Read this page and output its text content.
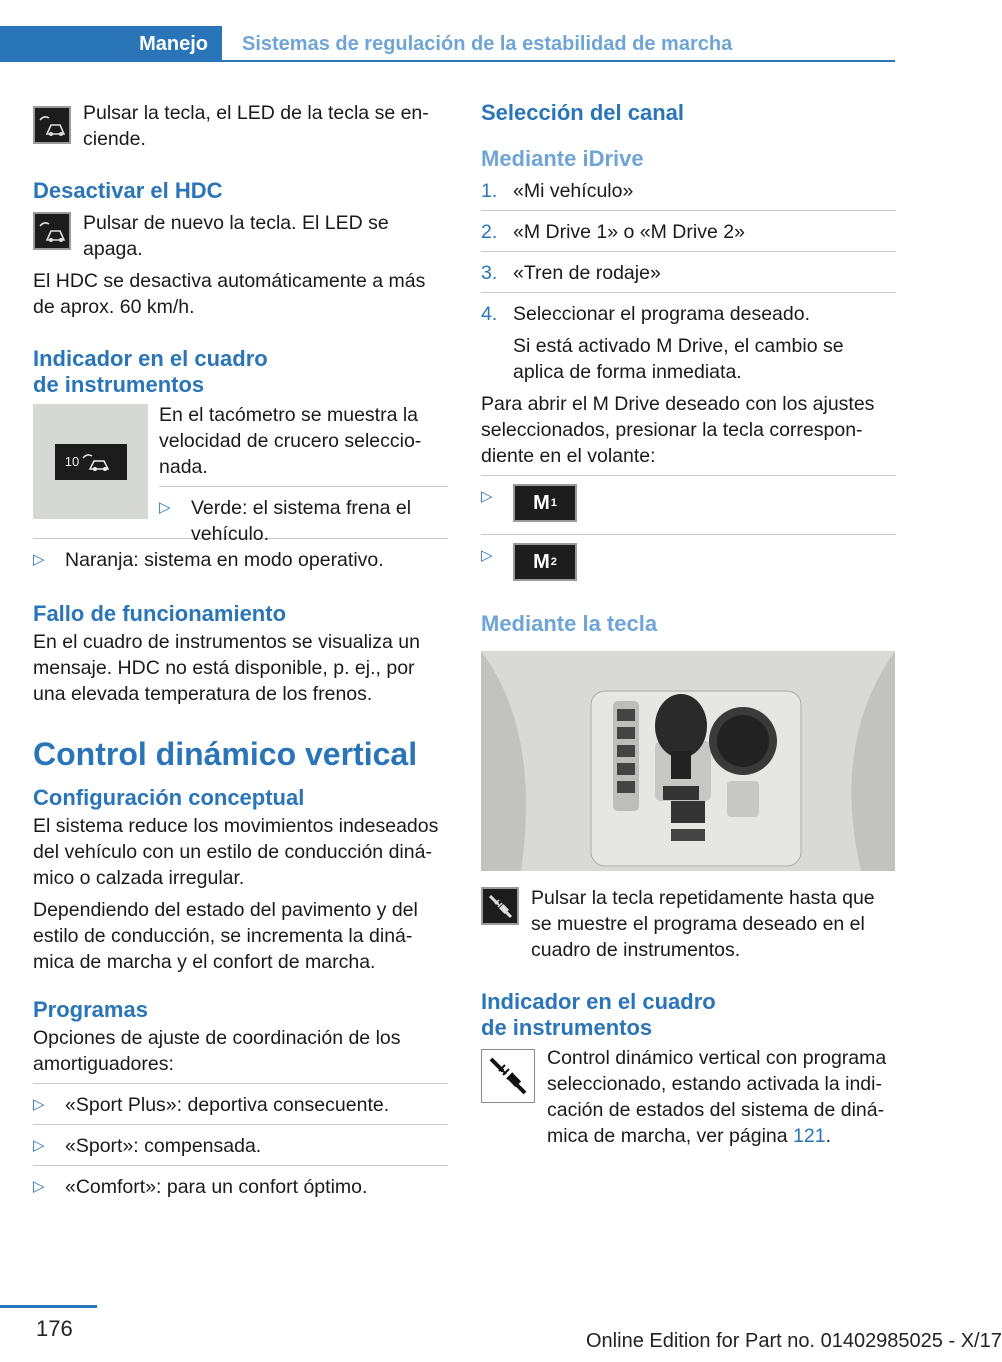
Manejo	Sistemas de regulación de la estabilidad de marcha

Pulsar la tecla, el LED de la tecla se en‐ ciende.

Desactivar el HDC

Pulsar de nuevo la tecla. El LED se apaga.

El HDC se desactiva automáticamente a más de aprox. 60 km/h.

Indicador en el cuadro

de instrumentos

10

En el tacómetro se muestra la velocidad de crucero seleccio‐ nada.

▷ Verde: el sistema frena el vehículo.
▷ Naranja: sistema en modo operativo.

Fallo de funcionamiento

En el cuadro de instrumentos se visualiza un mensaje. HDC no está disponible, p. ej., por una elevada temperatura de los frenos.

Control dinámico vertical

Configuración conceptual

El sistema reduce los movimientos indeseados del vehículo con un estilo de conducción diná‐ mico o calzada irregular.

Dependiendo del estado del pavimento y del estilo de conducción, se incrementa la diná‐ mica de marcha y el confort de marcha.

Programas

Opciones de ajuste de coordinación de los amortiguadores:

▷ «Sport Plus»: deportiva consecuente.
▷ «Sport»: compensada.
▷ «Comfort»: para un confort óptimo.

Selección del canal

Mediante iDrive

1. «Mi vehículo»
2. «M Drive 1» o «M Drive 2»
3. «Tren de rodaje»
4. Seleccionar el programa deseado.

Si está activado M Drive, el cambio se aplica de forma inmediata.

Para abrir el M Drive deseado con los ajustes seleccionados, presionar la tecla correspon‐ diente en el volante:

▷ M 1
▷ M 2

Mediante la tecla

Pulsar la tecla repetidamente hasta que se muestre el programa deseado en el cuadro de instrumentos.

Indicador en el cuadro

de instrumentos

Control dinámico vertical con programa seleccionado, estando activada la indi‐ cación de estados del sistema de diná‐ mica de marcha, ver página 121.

176	Online Edition for Part no. 01402985025 - X/17
